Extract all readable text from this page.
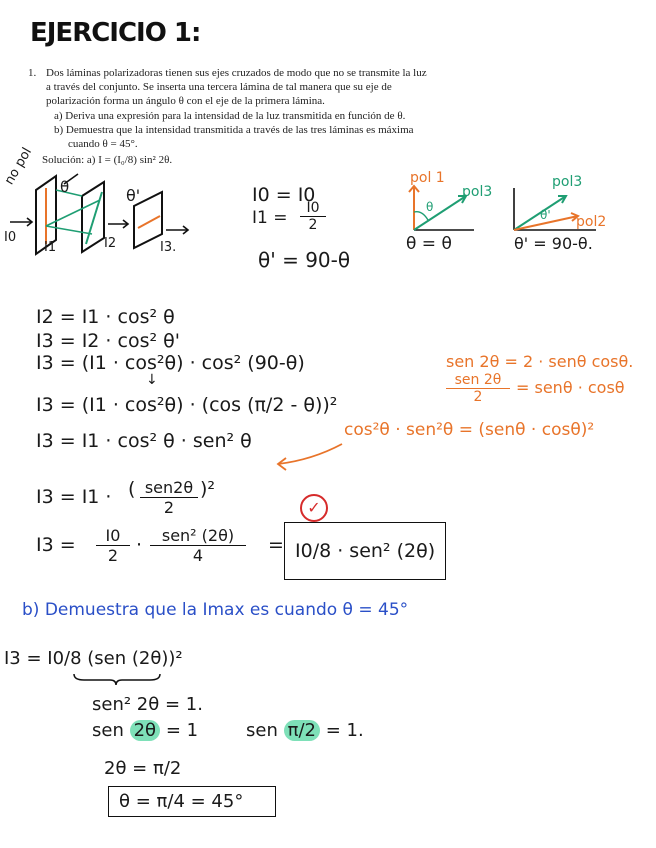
EJERCICIO 1:
1. Dos láminas polarizadoras tienen sus ejes cruzados de modo que no se transmite la luz
a través del conjunto. Se inserta una tercera lámina de tal manera que su eje de
polarización forma un ángulo θ con el eje de la primera lámina.
a) Deriva una expresión para la intensidad de la luz transmitida en función de θ.
b) Demuestra que la intensidad transmitida a través de las tres láminas es máxima
cuando θ = 45°.
Solución: a) I = (I₀/8) sin² 2θ.
no pol
I0
I1	I2	I3.
θ	θ'	I0 = I0
$I1 = \frac{I0}{2}$
θ' = 90-θ
pol 1
pol3
θ
θ = θ
pol3
pol2
θ'
θ' = 90-θ.
I2 = I1 · cos² θ
I3 = I2 · cos² θ'
I3 = (I1 · cos²θ) · cos² (90-θ)
↓
I3 = (I1 · cos²θ) · (cos (π/2 - θ))²
I3 = I1 · cos² θ · sen² θ
sen 2θ = 2 · senθ cosθ.
sen 2θ
2	= senθ · cosθ
cos²θ · sen²θ = (senθ · cosθ)²
✓
I3 = I1 · ( sen2θ
2
)²
$I3 = \frac{I0}{2}$ ·	sen² (2θ)
4	= I0/8 · sen² (2θ)
b) Demuestra que la Imax es cuando θ = 45°
I3 = I0/8 (sen (2θ))²
sen² 2θ = 1.
sen 2θ = 1	sen π/2 = 1.
2θ = π/2
θ = π/4 = 45°
